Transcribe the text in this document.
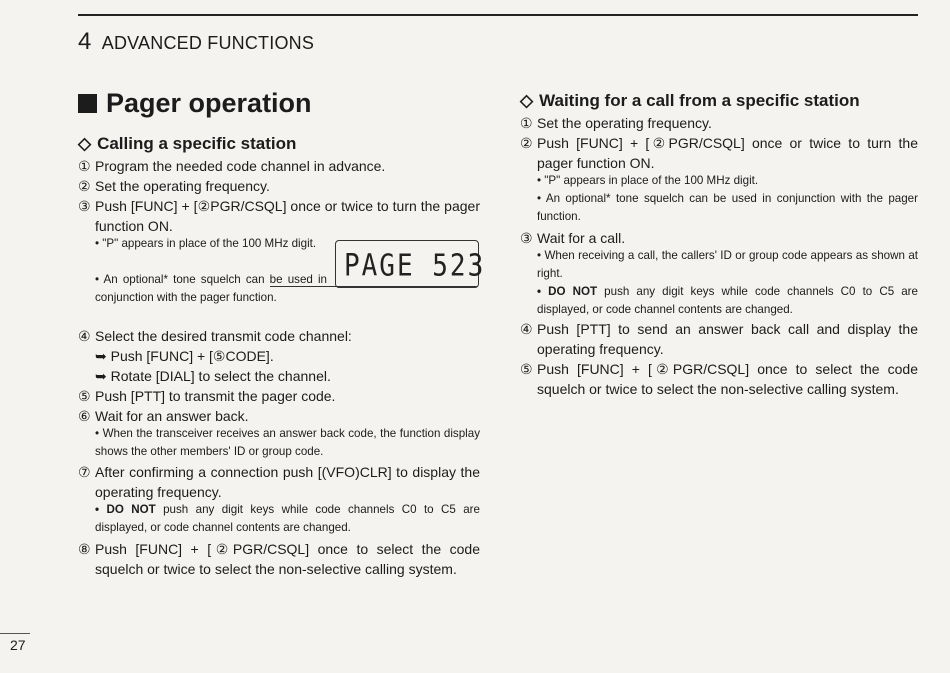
4 ADVANCED FUNCTIONS
Pager operation
◇ Calling a specific station
① Program the needed code channel in advance.
② Set the operating frequency.
③ Push [FUNC] + [②PGR/CSQL] once or twice to turn the pager function ON.
• "P" appears in place of the 100 MHz digit.
• An optional* tone squelch can be used in conjunction with the pager function.
④ Select the desired transmit code channel:
➥ Push [FUNC] + [⑤CODE].
➥ Rotate [DIAL] to select the channel.
⑤ Push [PTT] to transmit the pager code.
⑥ Wait for an answer back.
• When the transceiver receives an answer back code, the function display shows the other members' ID or group code.
⑦ After confirming a connection push [(VFO)CLR] to display the operating frequency.
• DO NOT push any digit keys while code channels C0 to C5 are displayed, or code channel contents are changed.
⑧ Push [FUNC] + [②PGR/CSQL] once to select the code squelch or twice to select the non-selective calling system.
PAGE 523
◇ Waiting for a call from a specific station
① Set the operating frequency.
② Push [FUNC] + [②PGR/CSQL] once or twice to turn the pager function ON.
• "P" appears in place of the 100 MHz digit.
• An optional* tone squelch can be used in conjunction with the pager function.
③ Wait for a call.
• When receiving a call, the callers' ID or group code appears as shown at right.
• DO NOT push any digit keys while code channels C0 to C5 are displayed, or code channel contents are changed.
④ Push [PTT] to send an answer back call and display the operating frequency.
⑤ Push [FUNC] + [②PGR/CSQL] once to select the code squelch or twice to select the non-selective calling system.
27
